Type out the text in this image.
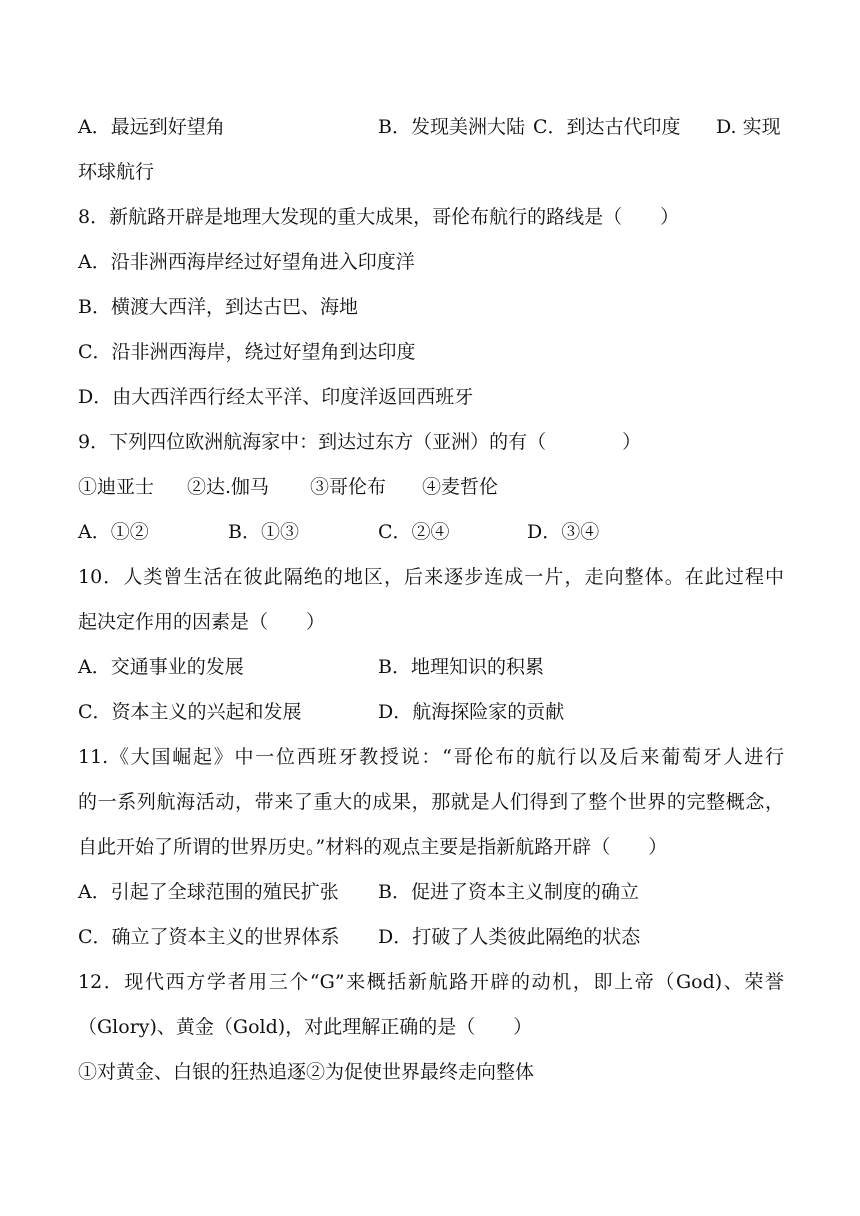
A．最远到好望角	B．发现美洲大陆 C．到达古代印度 D. 实现
环球航行
8．新航路开辟是地理大发现的重大成果，哥伦布航行的路线是（　　）
A．沿非洲西海岸经过好望角进入印度洋
B．横渡大西洋，到达古巴、海地
C．沿非洲西海岸，绕过好望角到达印度
D．由大西洋西行经太平洋、印度洋返回西班牙
9．下列四位欧洲航海家中：到达过东方（亚洲）的有（　　　　）
①迪亚士 ②达.伽马 ③哥伦布 ④麦哲伦
A．①②	B．①③	C．②④	D．③④
10．人类曾生活在彼此隔绝的地区，后来逐步连成一片，走向整体。在此过程中
起决定作用的因素是（　　）
A．交通事业的发展	B．地理知识的积累
C．资本主义的兴起和发展	D．航海探险家的贡献
11.《大国崛起》中一位西班牙教授说：“哥伦布的航行以及后来葡萄牙人进行
的一系列航海活动，带来了重大的成果，那就是人们得到了整个世界的完整概念，
自此开始了所谓的世界历史。”材料的观点主要是指新航路开辟（　　）
A．引起了全球范围的殖民扩张 B．促进了资本主义制度的确立
C．确立了资本主义的世界体系 D．打破了人类彼此隔绝的状态
12．现代西方学者用三个“G”来概括新航路开辟的动机，即上帝（God)、荣誉
（Glory)、黄金（Gold)，对此理解正确的是（　　）
①对黄金、白银的狂热追逐②为促使世界最终走向整体
